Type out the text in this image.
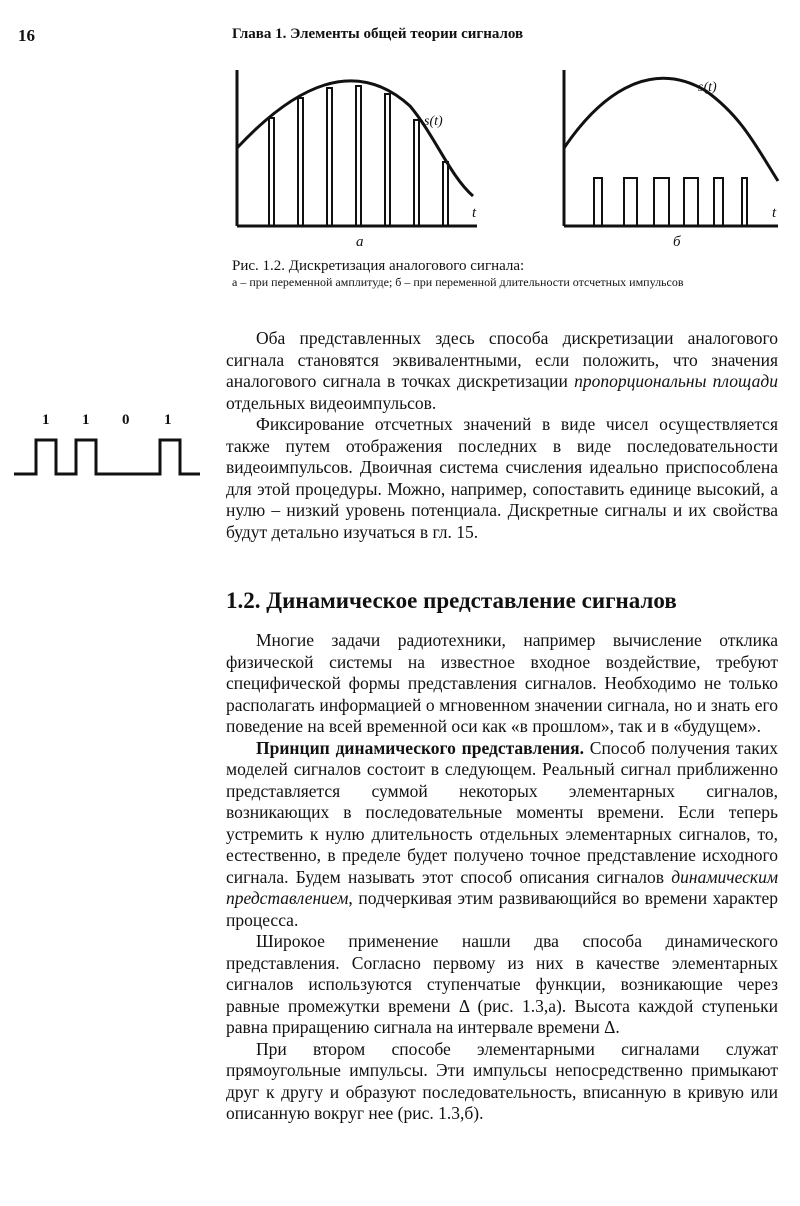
16	Глава 1. Элементы общей теории сигналов
s(t)
t
а
s(t)
t
б
Рис. 1.2. Дискретизация аналогового сигнала:
а – при переменной амплитуде; б – при переменной длительности отсчетных импульсов

Оба представленных здесь способа дискретизации аналогового сигнала становятся эквивалентными, если положить, что значения аналогового сигнала в точках дискретизации пропорциональны площади отдельных видеоимпульсов.

Фиксирование отсчетных значений в виде чисел осуществляется также путем отображения последних в виде последовательности видеоимпульсов. Двоичная система счисления идеально приспособлена для этой процедуры. Можно, например, сопоставить единице высокий, а нулю – низкий уровень потенциала. Дискретные сигналы и их свойства будут детально изучаться в гл. 15.

1 1 0 1
1.2. Динамическое представление сигналов

Многие задачи радиотехники, например вычисление отклика физической системы на известное входное воздействие, требуют специфической формы представления сигналов. Необходимо не только располагать информацией о мгновенном значении сигнала, но и знать его поведение на всей временной оси как «в прошлом», так и в «будущем».

Принцип динамического представления. Способ получения таких моделей сигналов состоит в следующем. Реальный сигнал приближенно представляется суммой некоторых элементарных сигналов, возникающих в последовательные моменты времени. Если теперь устремить к нулю длительность отдельных элементарных сигналов, то, естественно, в пределе будет получено точное представление исходного сигнала. Будем называть этот способ описания сигналов динамическим представлением, подчеркивая этим развивающийся во времени характер процесса.

Широкое применение нашли два способа динамического представления. Согласно первому из них в качестве элементарных сигналов используются ступенчатые функции, возникающие через равные промежутки времени Δ (рис. 1.3,а). Высота каждой ступеньки равна приращению сигнала на интервале времени Δ.

При втором способе элементарными сигналами служат прямоугольные импульсы. Эти импульсы непосредственно примыкают друг к другу и образуют последовательность, вписанную в кривую или описанную вокруг нее (рис. 1.3,б).
